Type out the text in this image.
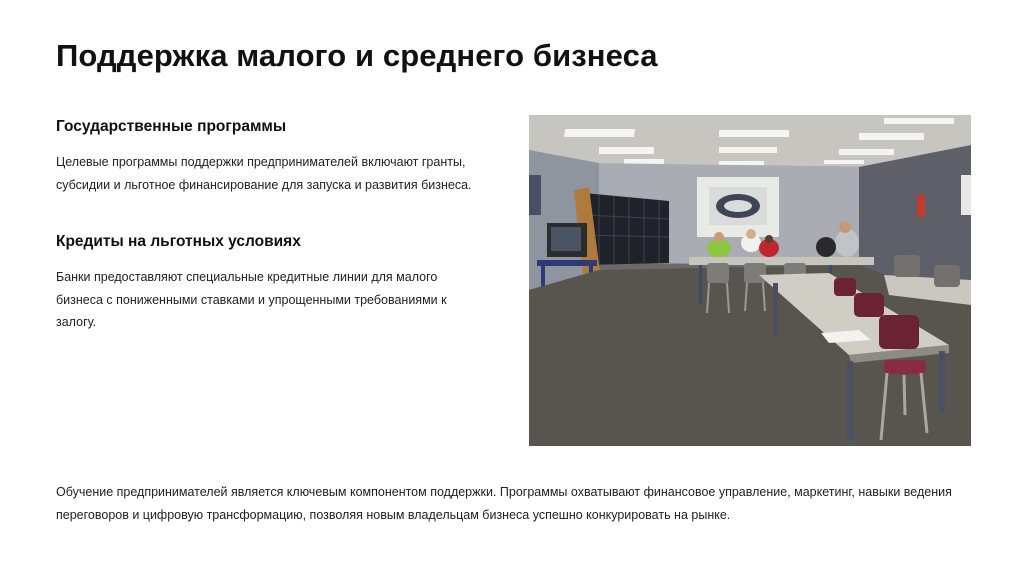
Поддержка малого и среднего бизнеса
Государственные программы
Целевые программы поддержки предпринимателей включают гранты, субсидии и льготное финансирование для запуска и развития бизнеса.
Кредиты на льготных условиях
Банки предоставляют специальные кредитные линии для малого бизнеса с пониженными ставками и упрощенными требованиями к залогу.
Обучение предпринимателей является ключевым компонентом поддержки. Программы охватывают финансовое управление, маркетинг, навыки ведения переговоров и цифровую трансформацию, позволяя новым владельцам бизнеса успешно конкурировать на рынке.
